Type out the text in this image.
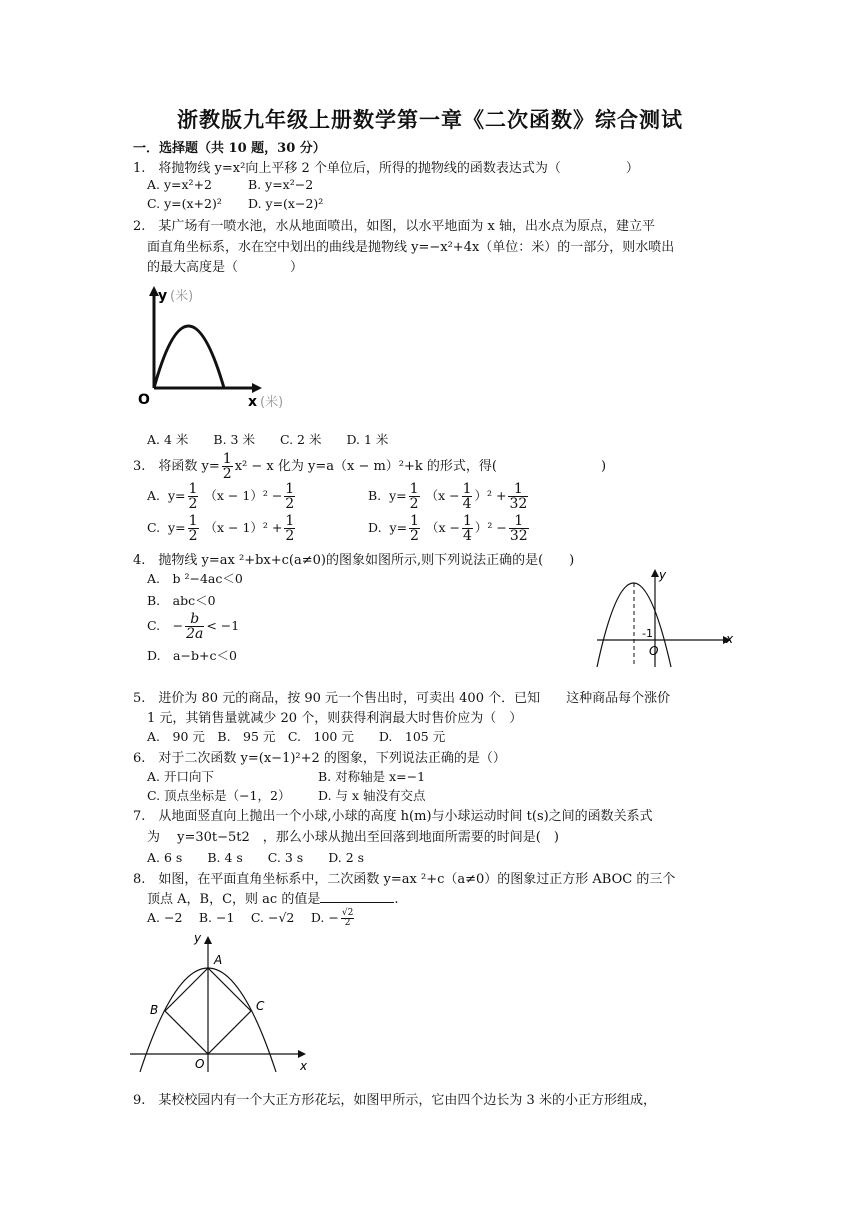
浙教版九年级上册数学第一章《二次函数》综合测试
一．选择题（共 10 题，30 分）
1.　将抛物线 y=x²向上平移 2 个单位后，所得的抛物线的函数表达式为（　　　　　）
A. y=x²+2	B. y=x²−2
C. y=(x+2)² D. y=(x−2)²
2.　某广场有一喷水池，水从地面喷出，如图，以水平地面为 x 轴，出水点为原点，建立平
面直角坐标系，水在空中划出的曲线是抛物线 y=−x²+4x（单位：米）的一部分，则水喷出
的最大高度是（　　　　）
y (米)
O	x (米)
A. 4 米　　B. 3 米　　C. 2 米　　D. 1 米
3.　将函数 $y= \frac{1}{2} x^2 - x$ 化为 y=a（x − m）²+k 的形式，得(　　　　　　　　)
A.  $y= \frac{1}{2} (x - 1)^2 - \frac{1}{2}$	B.  $y= \frac{1}{2} (x - \frac{1}{4} )^2 + \frac{1}{32}$
C.  $y= \frac{1}{2} (x - 1)^2 + \frac{1}{2}$	D.  $y= \frac{1}{2} (x - \frac{1}{4} )^2 - \frac{1}{32}$
4.　抛物线 y=ax ²+bx+c(a≠0)的图象如图所示,则下列说法正确的是(　　)
A.　b ²−4ac＜0
B.　abc＜0
C.　− $\frac{b}{2a} < -1$
D.　a−b+c＜0
y
x
O
-1
5.　进价为 80 元的商品，按 90 元一个售出时，可卖出 400 个．已知　　这种商品每个涨价
1 元，其销售量就减少 20 个，则获得利润最大时售价应为（　）
A.　90 元　B.　95 元　C.　100 元　　D.　105 元
6.　对于二次函数 y=(x−1)²+2 的图象，下列说法正确的是（）
A. 开口向下	B. 对称轴是 x=−1
C. 顶点坐标是（−1，2） D. 与 x 轴没有交点
7.　从地面竖直向上抛出一个小球,小球的高度 h(m)与小球运动时间 t(s)之间的函数关系式
为　 y=30t−5t2　，那么小球从抛出至回落到地面所需要的时间是(　)
A. 6 s　　B. 4 s　　C. 3 s　　D. 2 s
8.　如图，在平面直角坐标系中，二次函数 y=ax ²+c（a≠0）的图象过正方形 ABOC 的三个
顶点 A，B，C，则 ac 的值是	.
A. −2　 B. −1　 C. −√2　 D. − $\frac{√2}{2}$
y
x
O
A
B	C
9.　某校校园内有一个大正方形花坛，如图甲所示，它由四个边长为 3 米的小正方形组成，
